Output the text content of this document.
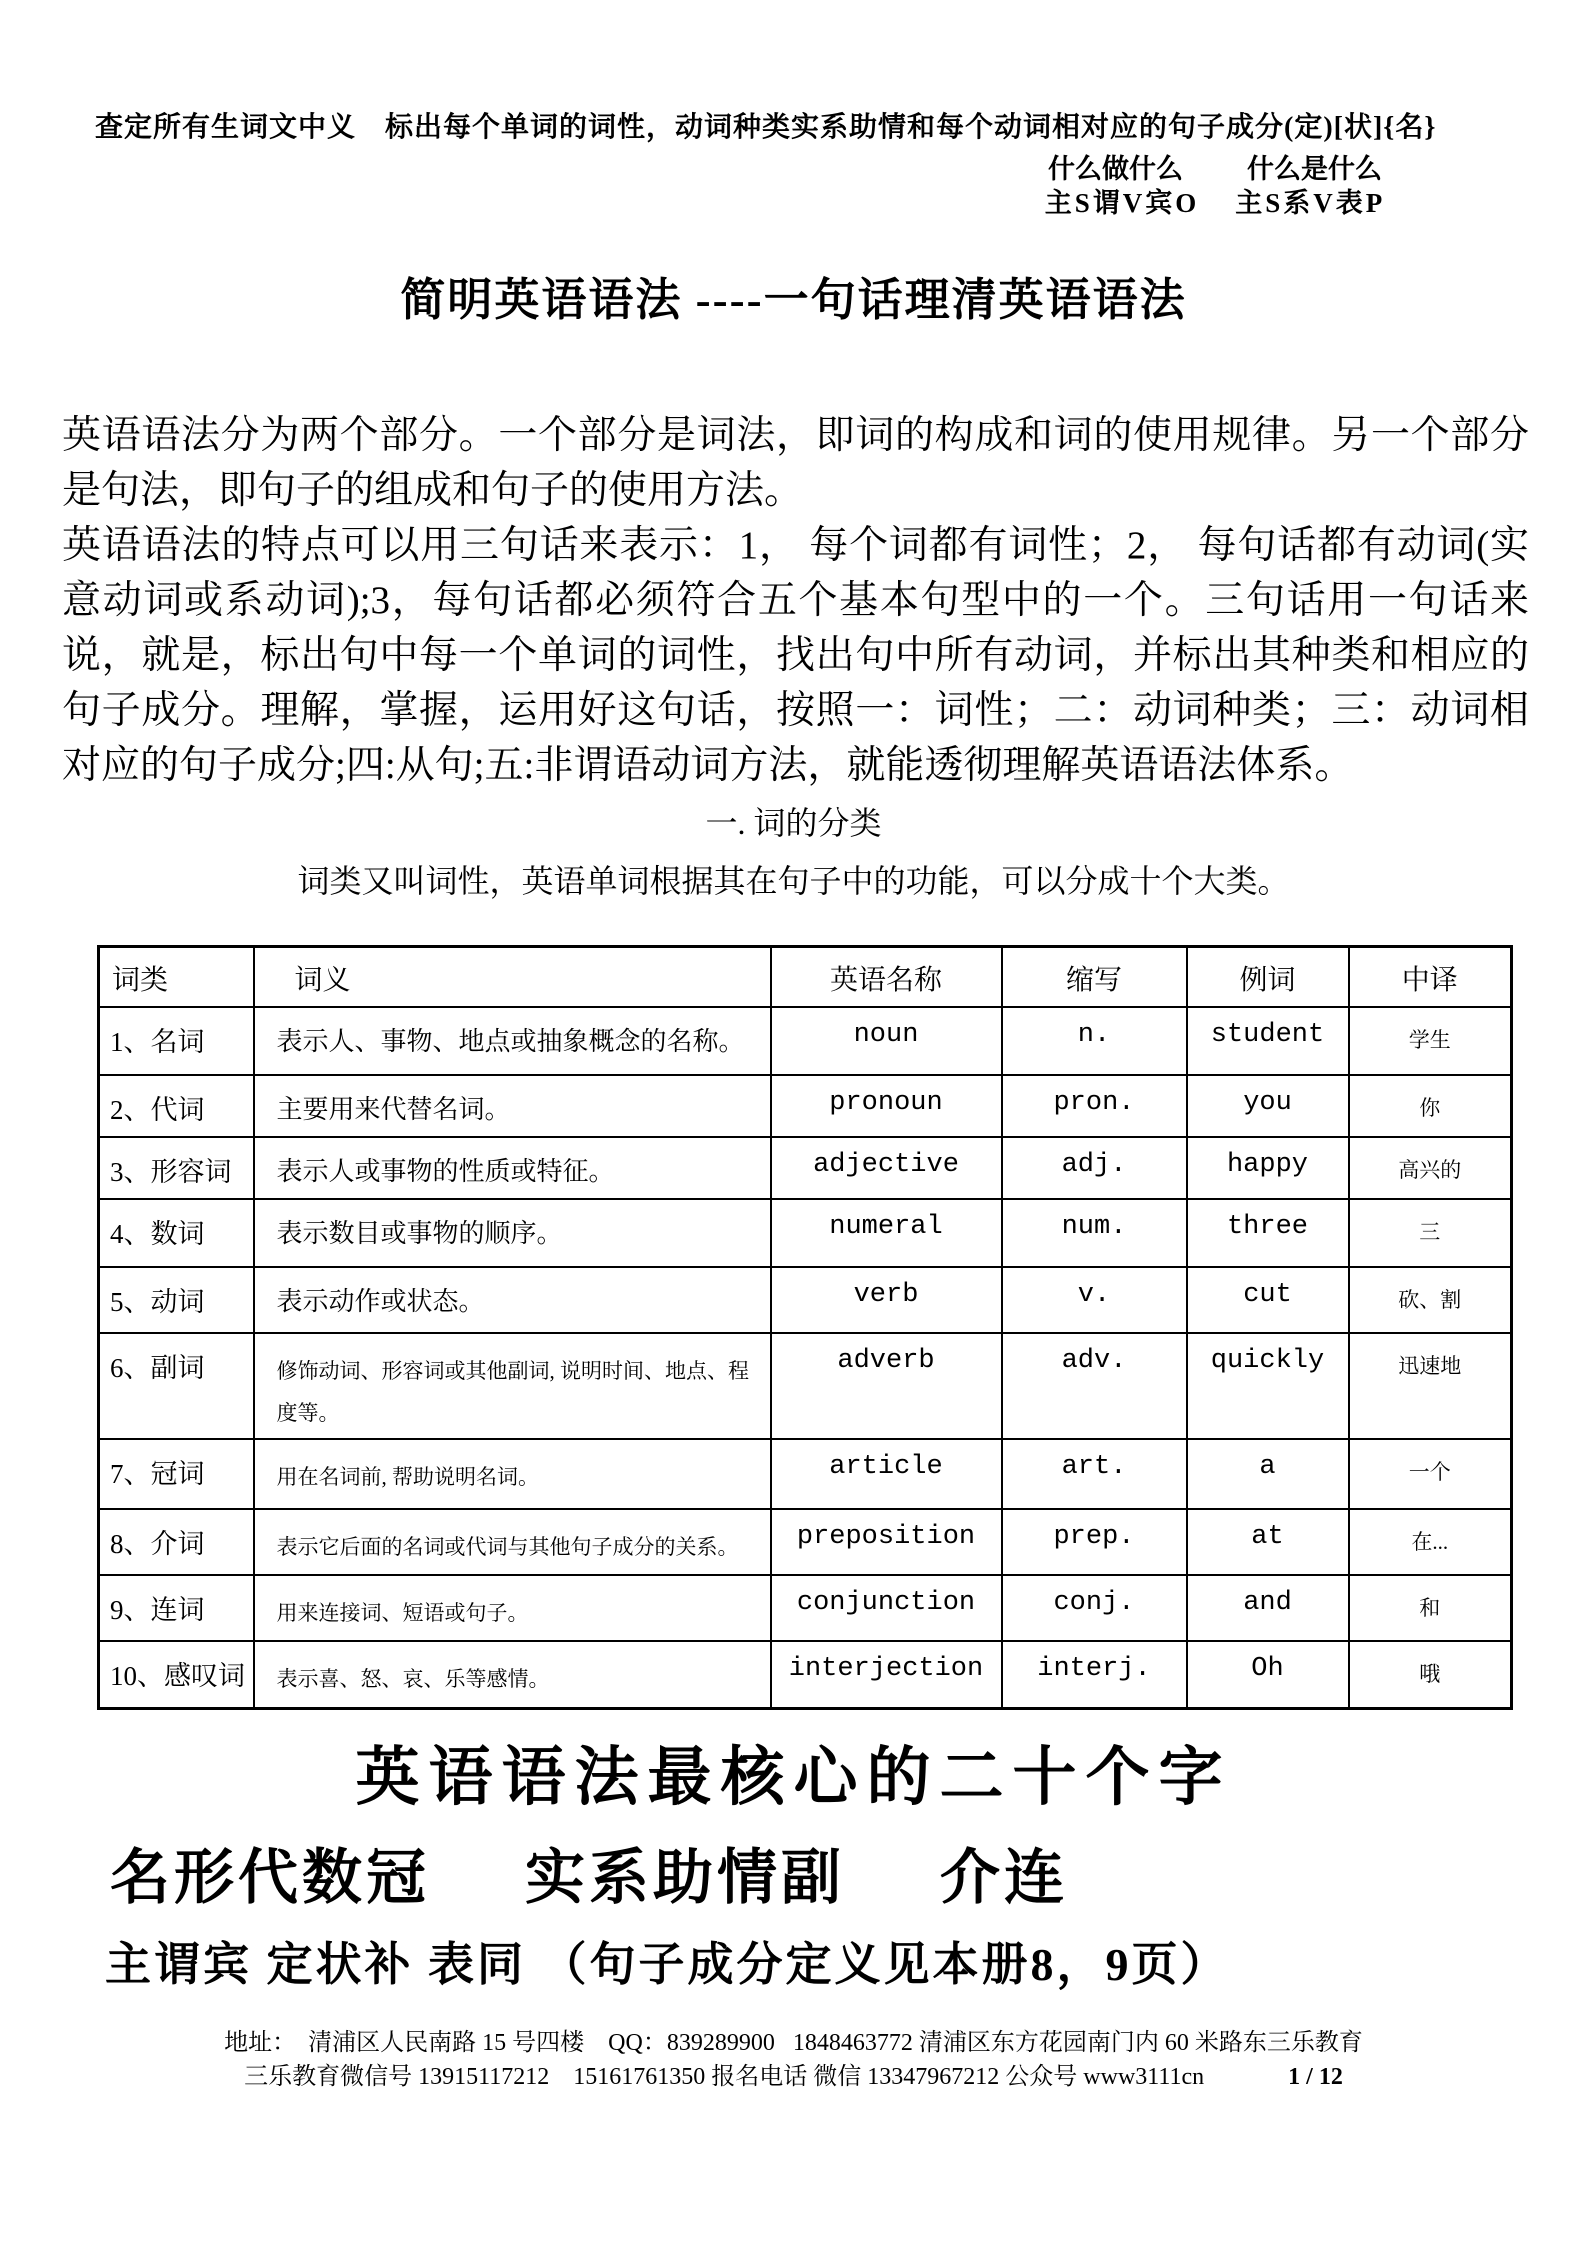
查定所有生词文中义　标出每个单词的词性，动词种类实系助情和每个动词相对应的句子成分(定)[状]{名}
什么做什么 什么是什么
主S谓V宾O 主S系V表P
简明英语语法 ----一句话理清英语语法

英语语法分为两个部分。一个部分是词法，即词的构成和词的使用规律。另一个部分是句法，即句子的组成和句子的使用方法。

英语语法的特点可以用三句话来表示：1， 每个词都有词性；2， 每句话都有动词(实意动词或系动词);3，每句话都必须符合五个基本句型中的一个。三句话用一句话来说，就是，标出句中每一个单词的词性，找出句中所有动词，并标出其种类和相应的句子成分。理解，掌握，运用好这句话，按照一：词性；二：动词种类；三：动词相对应的句子成分;四:从句;五:非谓语动词方法，就能透彻理解英语语法体系。

一. 词的分类
词类又叫词性，英语单词根据其在句子中的功能，可以分成十个大类。
词类	词义	英语名称	缩写	例词	中译
1、名词	表示人、事物、地点或抽象概念的名称。	noun	n.	student	学生
2、代词	主要用来代替名词。	pronoun	pron.	you	你
3、形容词	表示人或事物的性质或特征。	adjective	adj.	happy	高兴的
4、数词	表示数目或事物的顺序。	numeral	num.	three	三
5、动词	表示动作或状态。	verb	v.	cut	砍、割
6、副词	修饰动词、形容词或其他副词, 说明时间、地点、程度等。	adverb	adv.	quickly	迅速地
7、冠词	用在名词前, 帮助说明名词。	article	art.	a	一个
8、介词	表示它后面的名词或代词与其他句子成分的关系。	preposition	prep.	at	在...
9、连词	用来连接词、短语或句子。	conjunction	conj.	and	和
10、感叹词	表示喜、怒、哀、乐等感情。	interjection	interj.	Oh	哦
英语语法最核心的二十个字
名形代数冠 实系助情副 介连
主谓宾 定状补 表同 （句子成分定义见本册8，9页）
地址：  清浦区人民南路 15 号四楼    QQ：839289900   1848463772 清浦区东方花园南门内 60 米路东三乐教育
三乐教育微信号 13915117212    15161761350 报名电话 微信 13347967212 公众号 www3111cn	1 / 12
